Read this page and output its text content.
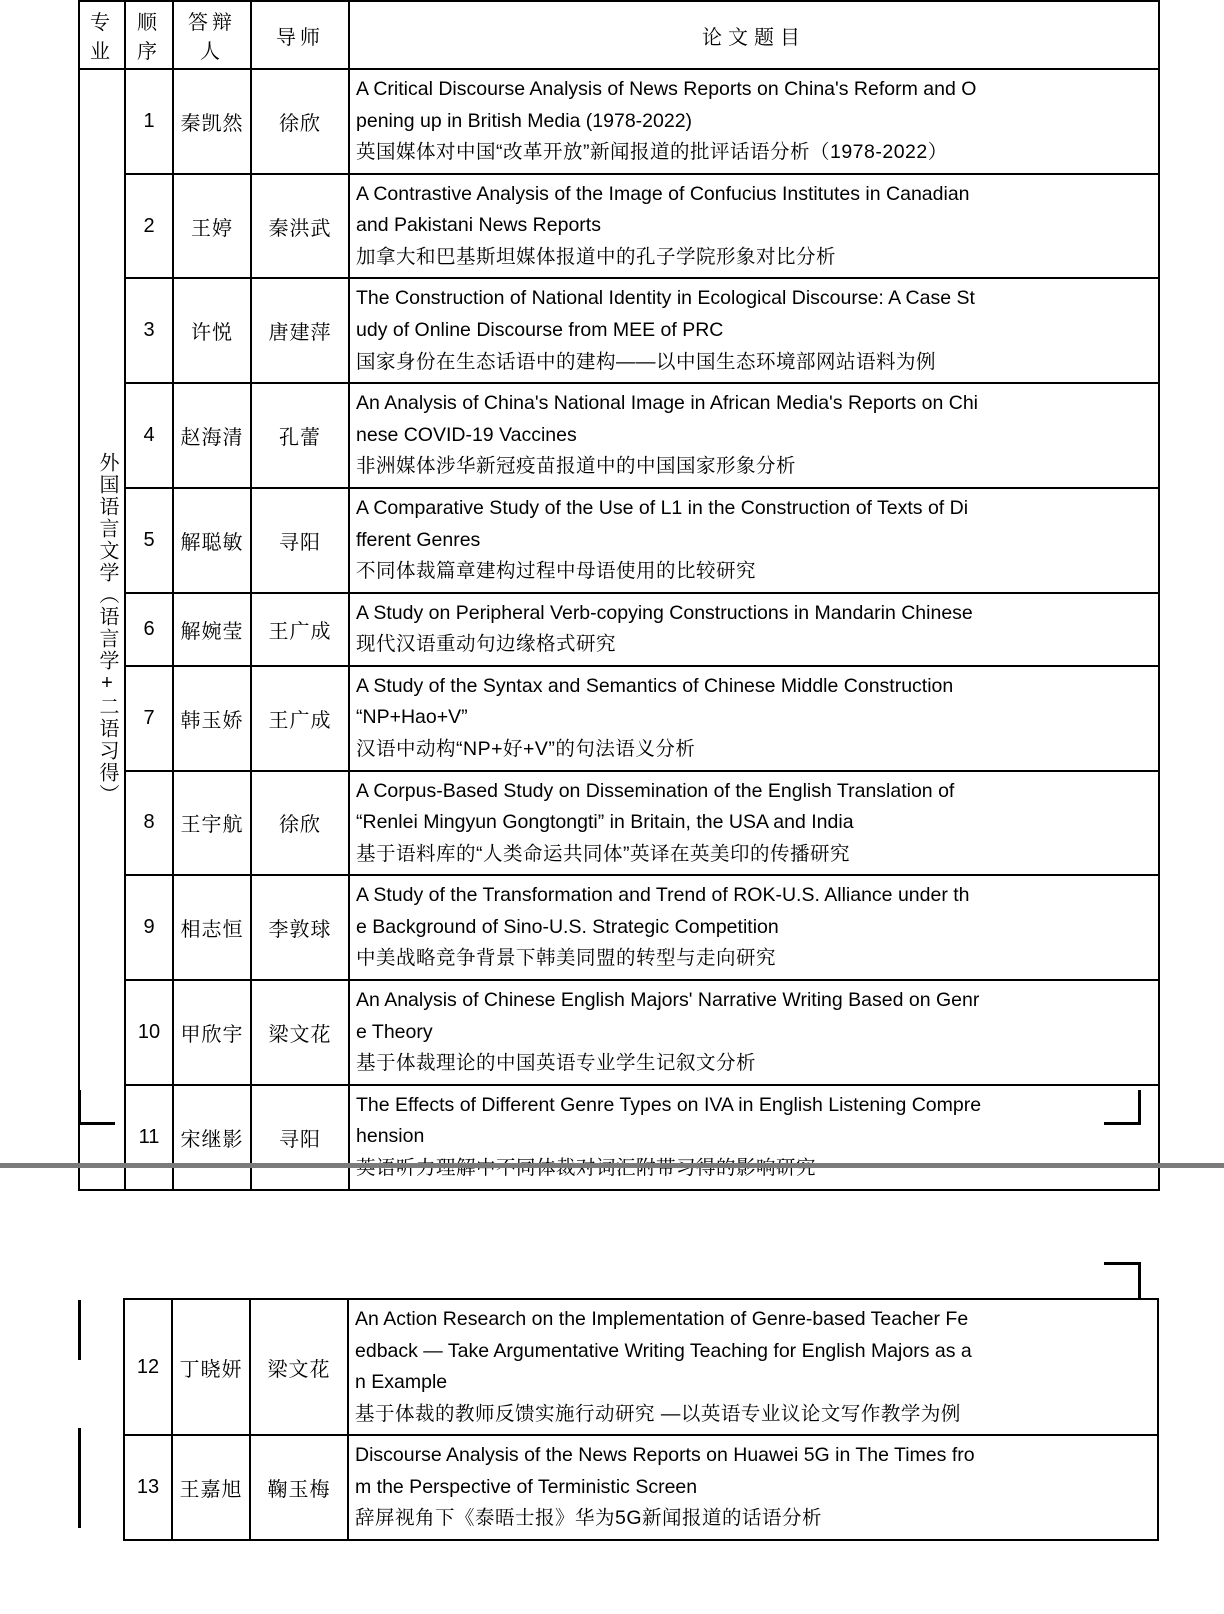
专业	顺序	答辩人	导师	论文题目

外国语言文学（语言学+二语习得）	1	秦凯然	徐欣	A Critical Discourse Analysis of News Reports on China's Reform and O
pening up in British Media (1978-2022)
英国媒体对中国“改革开放”新闻报道的批评话语分析（1978-2022）

	2	王婷	秦洪武	A Contrastive Analysis of the Image of Confucius Institutes in Canadian
and Pakistani News Reports
加拿大和巴基斯坦媒体报道中的孔子学院形象对比分析

	3	许悦	唐建萍	The Construction of National Identity in Ecological Discourse: A Case St
udy of Online Discourse from MEE of PRC
国家身份在生态话语中的建构——以中国生态环境部网站语料为例

	4	赵海清	孔蕾	An Analysis of China's National Image in African Media's Reports on Chi
nese COVID-19 Vaccines
非洲媒体涉华新冠疫苗报道中的中国国家形象分析

	5	解聪敏	寻阳	A Comparative Study of the Use of L1 in the Construction of Texts of Di
fferent Genres
不同体裁篇章建构过程中母语使用的比较研究

	6	解婉莹	王广成	A Study on Peripheral Verb-copying Constructions in Mandarin Chinese
现代汉语重动句边缘格式研究

	7	韩玉娇	王广成	A Study of the Syntax and Semantics of Chinese Middle Construction
“NP+Hao+V”
汉语中动构“NP+好+V”的句法语义分析

	8	王宇航	徐欣	A Corpus-Based Study on Dissemination of the English Translation of
“Renlei Mingyun Gongtongti” in Britain, the USA and India
基于语料库的“人类命运共同体”英译在英美印的传播研究

	9	相志恒	李敦球	A Study of the Transformation and Trend of ROK-U.S. Alliance under th
e Background of Sino-U.S. Strategic Competition
中美战略竞争背景下韩美同盟的转型与走向研究

	10	甲欣宇	梁文花	An Analysis of Chinese English Majors' Narrative Writing Based on Genr
e Theory
基于体裁理论的中国英语专业学生记叙文分析

	11	宋继影	寻阳	The Effects of Different Genre Types on IVA in English Listening Compre
hension
	12	丁晓妍	梁文花	An Action Research on the Implementation of Genre-based Teacher Fe
edback — Take Argumentative Writing Teaching for English Majors as a
n Example
基于体裁的教师反馈实施行动研究 —以英语专业议论文写作教学为例

	13	王嘉旭	鞠玉梅	Discourse Analysis of the News Reports on Huawei 5G in The Times fro
m the Perspective of Terministic Screen
辞屏视角下《泰晤士报》华为5G新闻报道的话语分析
